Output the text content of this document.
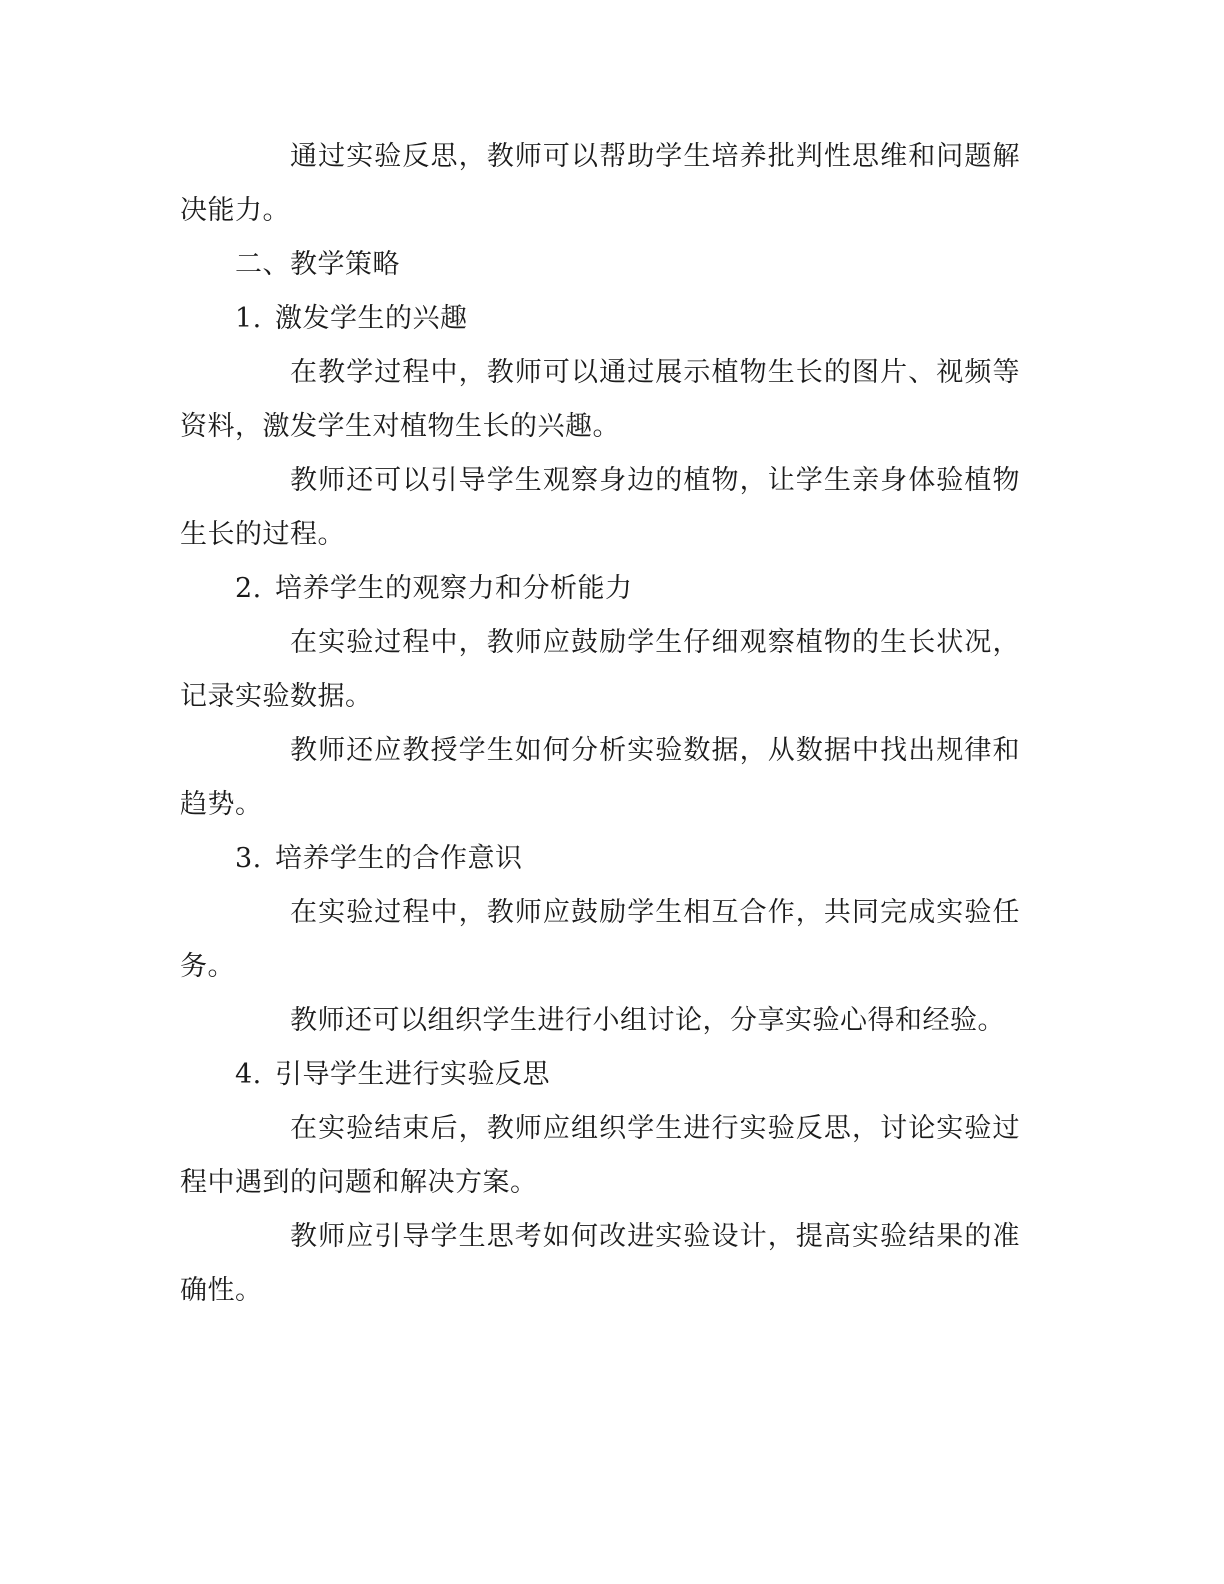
通过实验反思，教师可以帮助学生培养批判性思维和问题解决能力。

二、教学策略

1. 激发学生的兴趣

在教学过程中，教师可以通过展示植物生长的图片、视频等资料，激发学生对植物生长的兴趣。

教师还可以引导学生观察身边的植物，让学生亲身体验植物生长的过程。

2. 培养学生的观察力和分析能力

在实验过程中，教师应鼓励学生仔细观察植物的生长状况，记录实验数据。

教师还应教授学生如何分析实验数据，从数据中找出规律和趋势。

3. 培养学生的合作意识

在实验过程中，教师应鼓励学生相互合作，共同完成实验任务。

教师还可以组织学生进行小组讨论，分享实验心得和经验。

4. 引导学生进行实验反思

在实验结束后，教师应组织学生进行实验反思，讨论实验过程中遇到的问题和解决方案。

教师应引导学生思考如何改进实验设计，提高实验结果的准确性。
